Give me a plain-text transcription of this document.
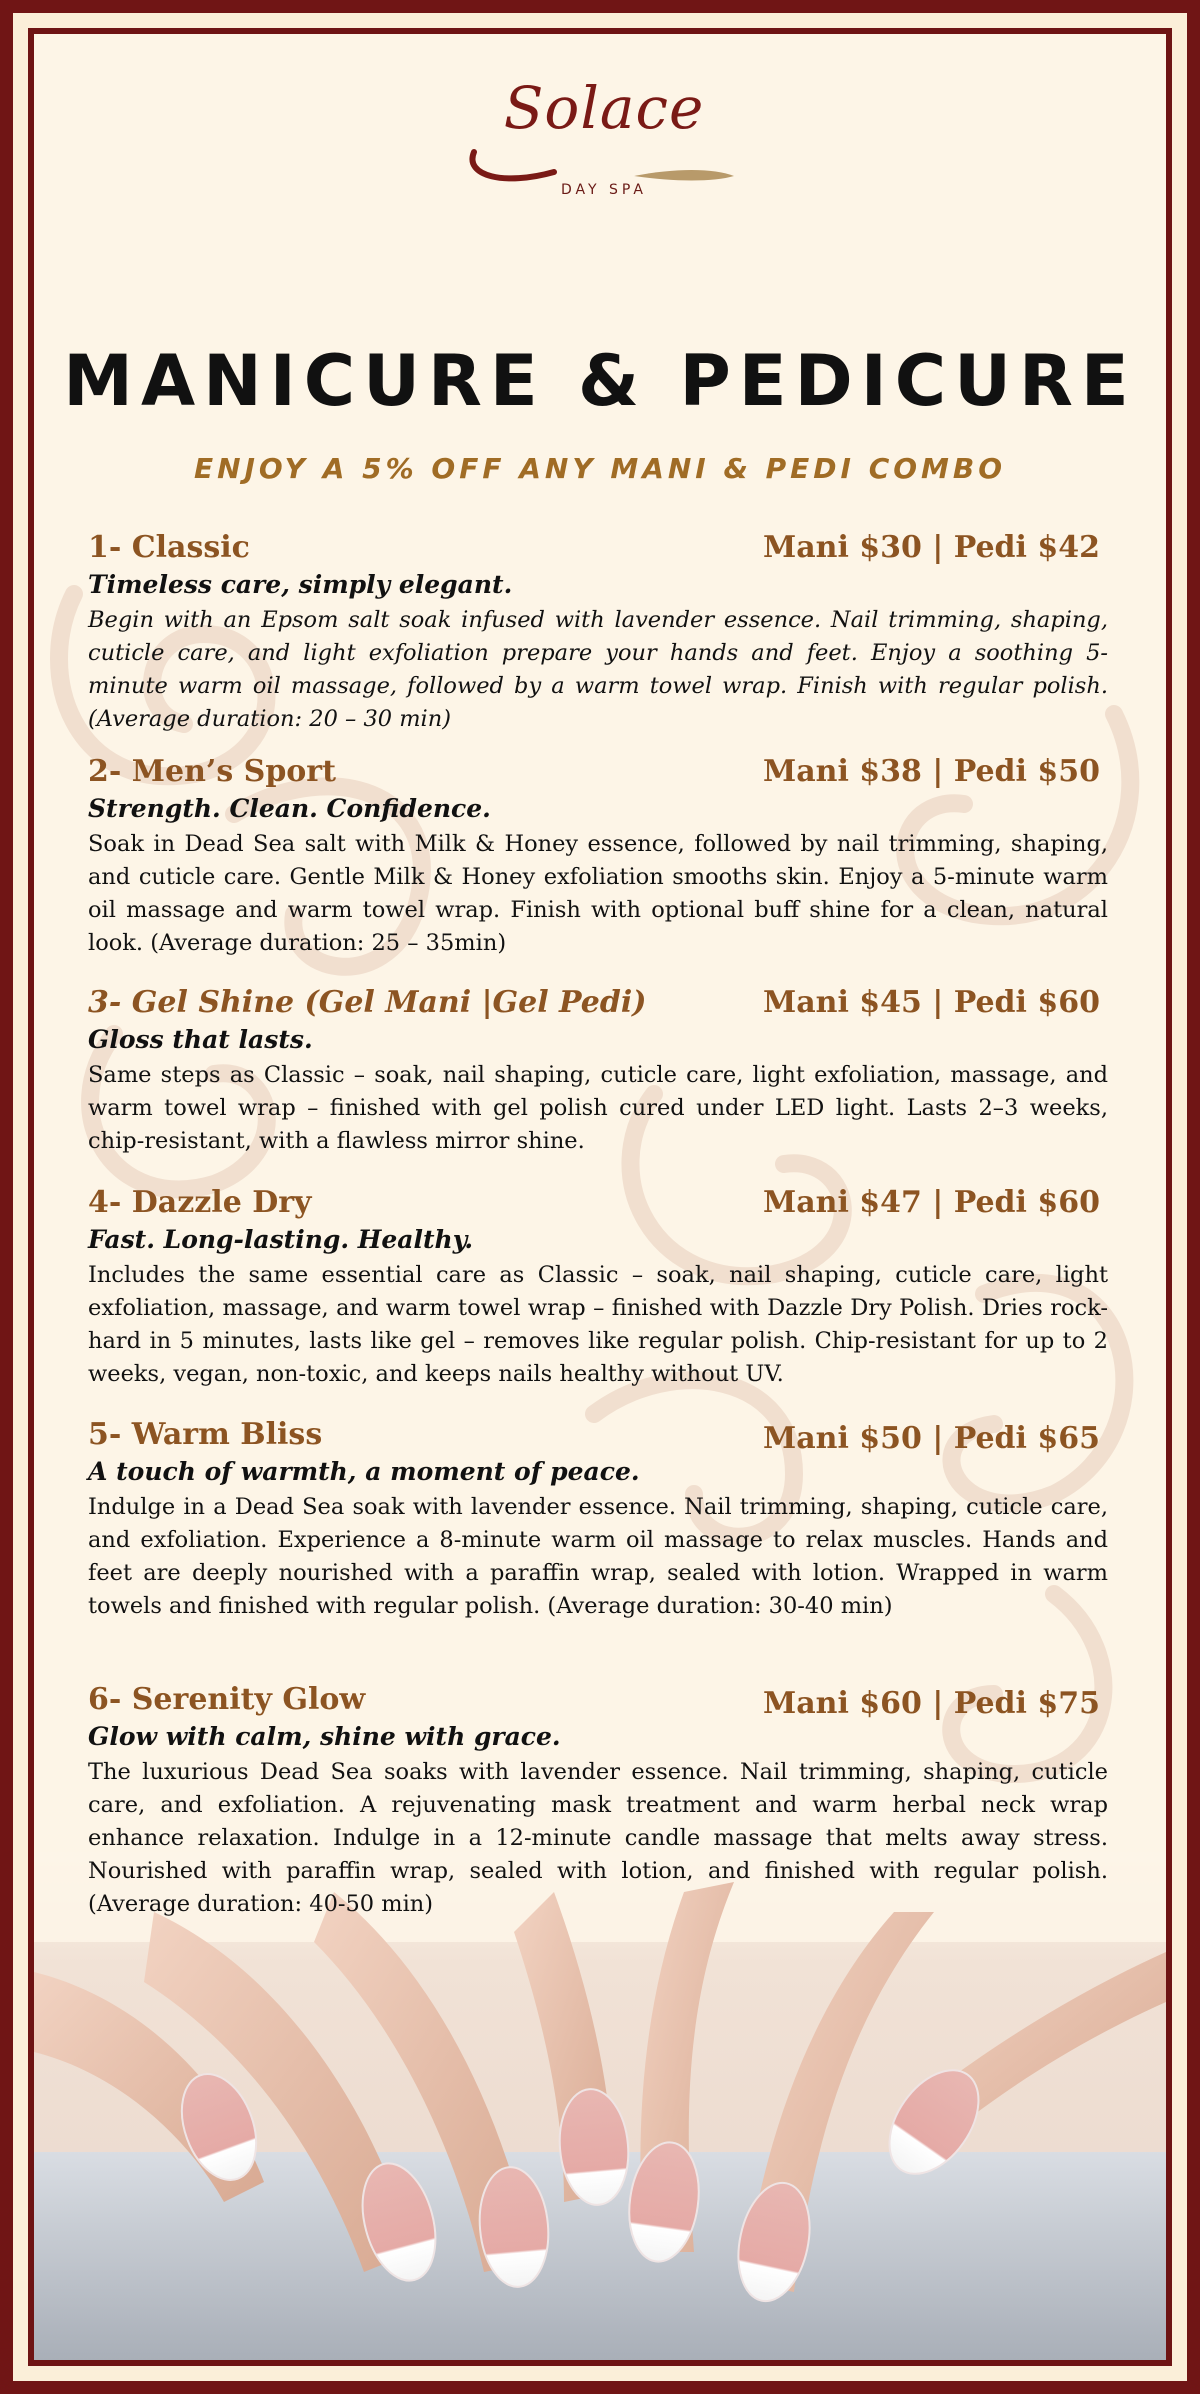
Solace
DAY SPA
MANICURE & PEDICURE
ENJOY A 5% OFF ANY MANI & PEDI COMBO
1- Classic	Mani $30 | Pedi $42
Timeless care, simply elegant.
Begin with an Epsom salt soak infused with lavender essence. Nail trimming, shaping, cuticle care, and light exfoliation prepare your hands and feet. Enjoy a soothing 5-minute warm oil massage, followed by a warm towel wrap. Finish with regular polish. (Average duration: 20 – 30 min)
2- Men’s Sport	Mani $38 | Pedi $50
Strength. Clean. Confidence.
Soak in Dead Sea salt with Milk & Honey essence, followed by nail trimming, shaping, and cuticle care. Gentle Milk & Honey exfoliation smooths skin. Enjoy a 5-minute warm oil massage and warm towel wrap. Finish with optional buff shine for a clean, natural look. (Average duration: 25 – 35min)
3- Gel Shine (Gel Mani |Gel Pedi)	Mani $45 | Pedi $60
Gloss that lasts.
Same steps as Classic – soak, nail shaping, cuticle care, light exfoliation, massage, and warm towel wrap – finished with gel polish cured under LED light. Lasts 2–3 weeks, chip-resistant, with a flawless mirror shine.
4- Dazzle Dry	Mani $47 | Pedi $60
Fast. Long-lasting. Healthy.
Includes the same essential care as Classic – soak, nail shaping, cuticle care, light exfoliation, massage, and warm towel wrap – finished with Dazzle Dry Polish. Dries rock-hard in 5 minutes, lasts like gel – removes like regular polish. Chip-resistant for up to 2 weeks, vegan, non-toxic, and keeps nails healthy without UV.
5- Warm Bliss	Mani $50 | Pedi $65
A touch of warmth, a moment of peace.
Indulge in a Dead Sea soak with lavender essence. Nail trimming, shaping, cuticle care, and exfoliation. Experience a 8-minute warm oil massage to relax muscles. Hands and feet are deeply nourished with a paraffin wrap, sealed with lotion. Wrapped in warm towels and finished with regular polish. (Average duration: 30-40 min)
6- Serenity Glow	Mani $60 | Pedi $75
Glow with calm, shine with grace.
The luxurious Dead Sea soaks with lavender essence. Nail trimming, shaping, cuticle care, and exfoliation. A rejuvenating mask treatment and warm herbal neck wrap enhance relaxation. Indulge in a 12-minute candle massage that melts away stress. Nourished with paraffin wrap, sealed with lotion, and finished with regular polish. (Average duration: 40-50 min)
